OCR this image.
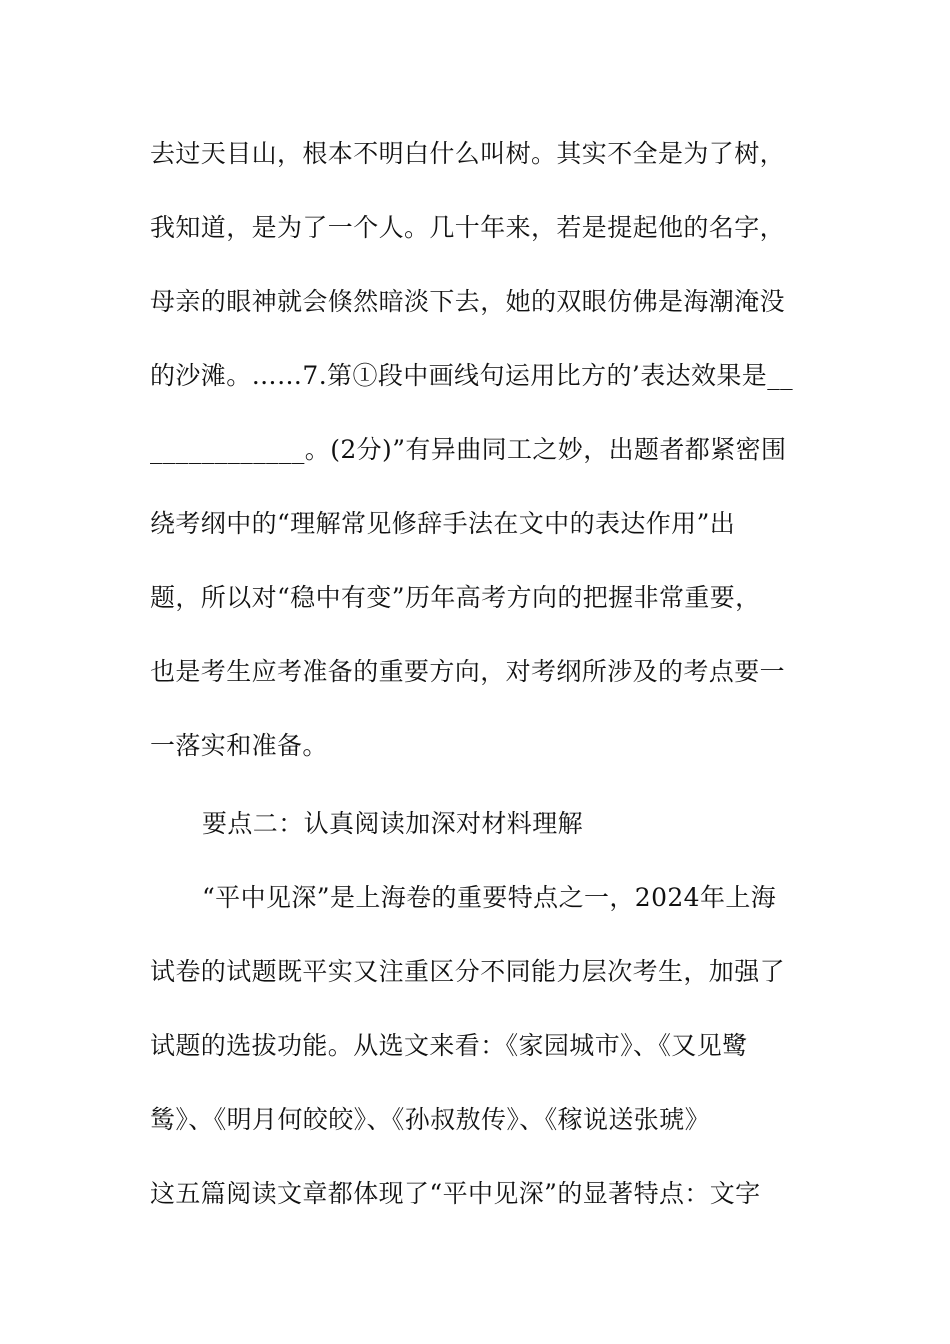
去过天目山，根本不明白什么叫树。其实不全是为了树，
我知道，是为了一个人。几十年来，若是提起他的名字，
母亲的眼神就会倏然暗淡下去，她的双眼仿佛是海潮淹没
的沙滩。……7.第①段中画线句运用比方的’表达效果是__
____________。(2分)”有异曲同工之妙，出题者都紧密围
绕考纲中的“理解常见修辞手法在文中的表达作用”出
题，所以对“稳中有变”历年高考方向的把握非常重要，
也是考生应考准备的重要方向，对考纲所涉及的考点要一
一落实和准备。
要点二：认真阅读加深对材料理解
“平中见深”是上海卷的重要特点之一，2024年上海
试卷的试题既平实又注重区分不同能力层次考生，加强了
试题的选拔功能。从选文来看：《家园城市》、《又见鹭
鸶》、《明月何皎皎》、《孙叔敖传》、《稼说送张琥》
这五篇阅读文章都体现了“平中见深”的显著特点：文字
